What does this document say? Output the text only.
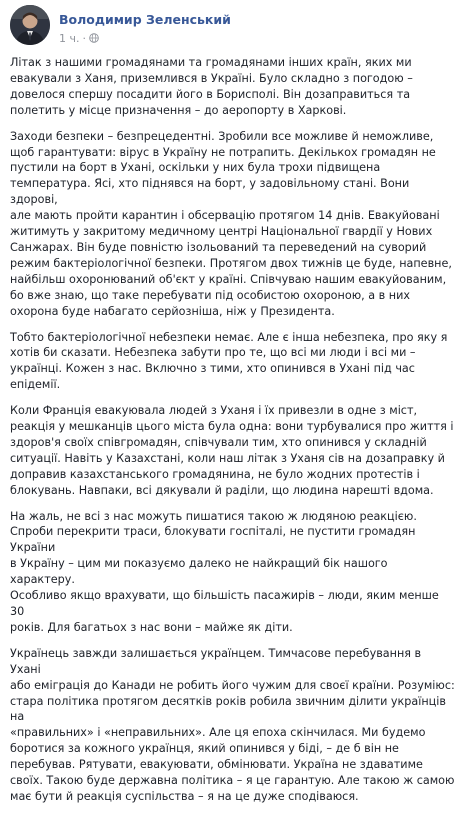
Володимир Зеленський
1 ч. ·

Літак з нашими громадянами та громадянами інших країн, яких ми
евакували з Ханя, приземлився в Україні. Було складно з погодою –
довелося спершу посадити його в Борисполі. Він дозаправиться та
полетить у місце призначення – до аеропорту в Харкові.

Заходи безпеки – безпрецедентні. Зробили все можливе й неможливе,
щоб гарантувати: вірус в Україну не потрапить. Декількох громадян не
пустили на борт в Ухані, оскільки у них була трохи підвищена
температура. Ясі, хто піднявся на борт, у задовільному стані. Вони здорові,
але мають пройти карантин і обсервацію протягом 14 днів. Евакуйовані
житимуть у закритому медичному центрі Національної гвардії у Нових
Санжарах. Він буде повністю ізольований та переведений на суворий
режим бактеріологічної безпеки. Протягом двох тижнів це буде, напевне,
найбільш охоронюваний об'єкт у країні. Співчуваю нашим евакуйованим,
бо вже знаю, що таке перебувати під особистою охороною, а в них
охорона буде набагато серйознішa, ніж у Президента.

Тобто бактеріологічної небезпеки немає. Але є інша небезпека, про яку я
хотів би сказати. Небезпека забути про те, що всі ми люди і всі ми –
українці. Кожен з нас. Включно з тими, хто опинився в Ухані під час
епідемії.

Коли Франція евакуювала людей з Уханя і їх привезли в одне з міст,
реакція у мешканців цього міста була одна: вони турбувалися про життя і
здоров'я своїх співгромадян, співчували тим, хто опинився у складній
ситуації. Навіть у Казахстані, коли наш літак з Уханя сів на дозаправку й
доправив казахстанського громадянина, не було жодних протестів і
блокувань. Навпаки, всі дякували й раділи, що людина нарешті вдома.

На жаль, не всі з нас можуть пишатися такою ж людяною реакцією.
Спроби перекрити траси, блокувати госпіталі, не пустити громадян України
в Україну – цим ми показуємо далеко не найкращий бік нашого характеру.
Особливо якщо врахувати, що більшість пасажирів – люди, яким менше 30
років. Для багатьох з нас вони – майже як діти.

Українець завжди залишається українцем. Тимчасове перебування в Ухані
або еміграція до Канади не робить його чужим для своєї країни. Розуміюс:
стара політика протягом десятків років робила звичним ділити українців на
«правильних» і «неправильних». Але ця епоха скінчилася. Ми будемо
боротися за кожного українця, який опинився у біді, – де б він не
перебував. Рятувати, евакуювати, обмінювати. Україна не здаватиме
своїх. Такою буде державна політика – я це гарантую. Але такою ж самою
має бути й реакція суспільства – я на це дуже сподіваюся.
